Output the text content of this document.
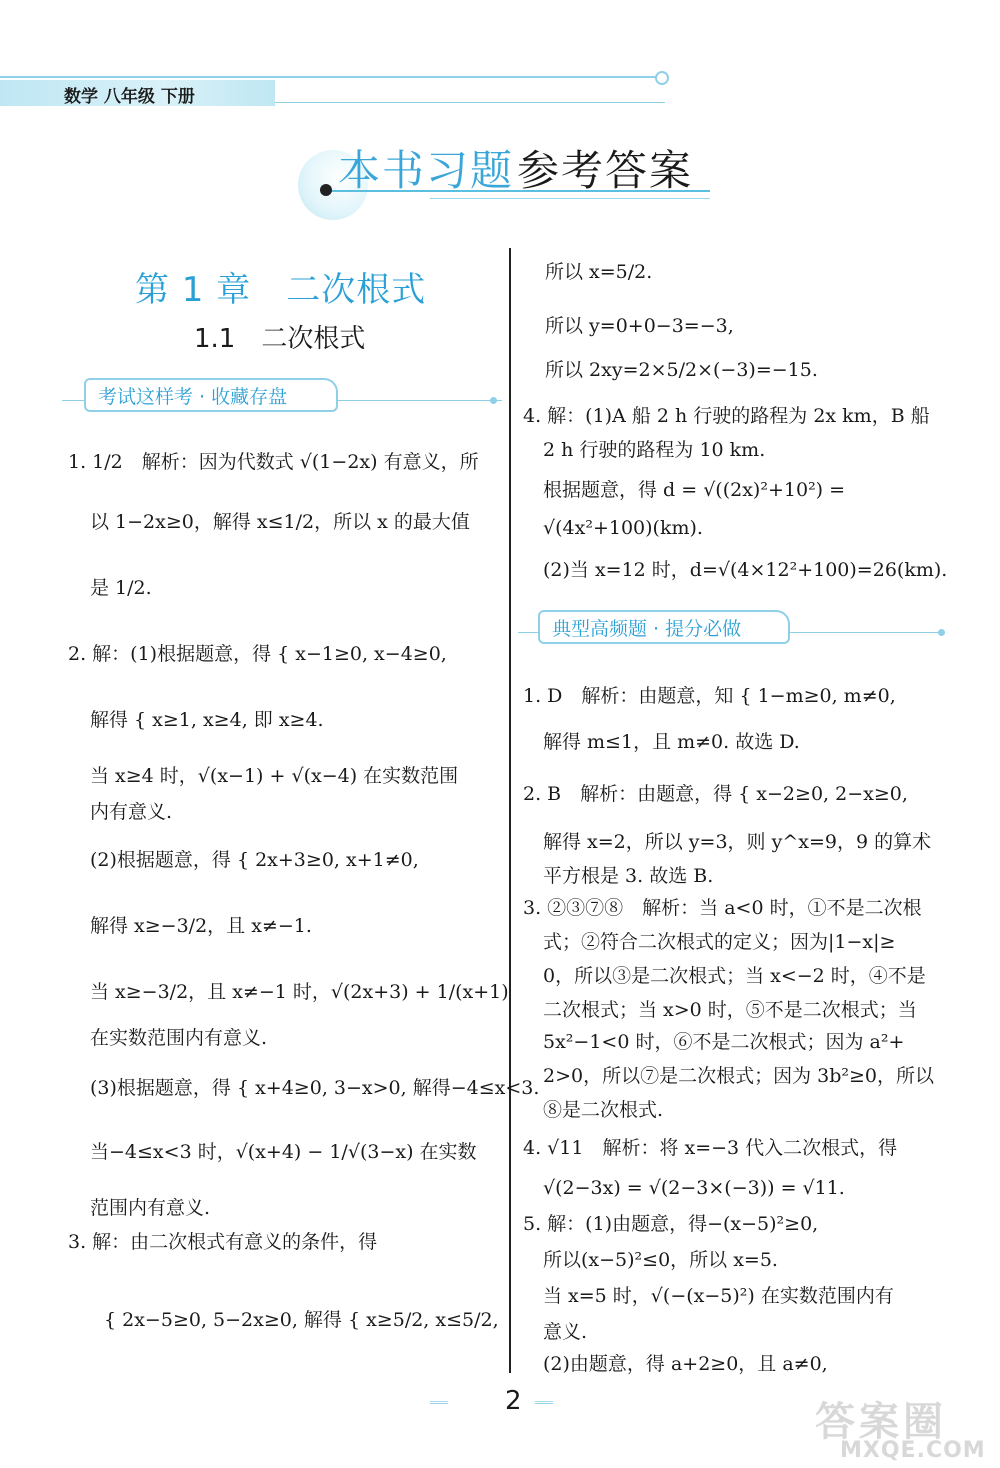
数学 八年级 下册
本书习题 参考答案
第 1 章　二次根式
1.1　二次根式
考试这样考 · 收藏存盘
1. 1/2　解析：因为代数式 √(1−2x) 有意义，所
以 1−2x≥0，解得 x≤1/2，所以 x 的最大值
是 1/2.
2. 解：(1)根据题意，得 { x−1≥0, x−4≥0,
解得 { x≥1, x≥4, 即 x≥4.
当 x≥4 时，√(x−1) + √(x−4) 在实数范围
内有意义.
(2)根据题意，得 { 2x+3≥0, x+1≠0,
解得 x≥−3/2，且 x≠−1.
当 x≥−3/2，且 x≠−1 时，√(2x+3) + 1/(x+1)
在实数范围内有意义.
(3)根据题意，得 { x+4≥0, 3−x>0, 解得−4≤x<3.
当−4≤x<3 时，√(x+4) − 1/√(3−x) 在实数
范围内有意义.
3. 解：由二次根式有意义的条件，得
{ 2x−5≥0, 5−2x≥0, 解得 { x≥5/2, x≤5/2,
所以 x=5/2.
所以 y=0+0−3=−3,
所以 2xy=2×5/2×(−3)=−15.
4. 解：(1)A 船 2 h 行驶的路程为 2x km，B 船
2 h 行驶的路程为 10 km.
根据题意，得 d = √((2x)²+10²) =
√(4x²+100)(km).
(2)当 x=12 时，d=√(4×12²+100)=26(km).
典型高频题 · 提分必做
1. D　解析：由题意，知 { 1−m≥0, m≠0,
解得 m≤1，且 m≠0. 故选 D.
2. B　解析：由题意，得 { x−2≥0, 2−x≥0,
解得 x=2，所以 y=3，则 y^x=9，9 的算术
平方根是 3. 故选 B.
3. ②③⑦⑧　解析：当 a<0 时，①不是二次根
式；②符合二次根式的定义；因为|1−x|≥
0，所以③是二次根式；当 x<−2 时，④不是
二次根式；当 x>0 时，⑤不是二次根式；当
5x²−1<0 时，⑥不是二次根式；因为 a²+
2>0，所以⑦是二次根式；因为 3b²≥0，所以
⑧是二次根式.
4. √11　解析：将 x=−3 代入二次根式，得
√(2−3x) = √(2−3×(−3)) = √11.
5. 解：(1)由题意，得−(x−5)²≥0,
所以(x−5)²≤0，所以 x=5.
当 x=5 时，√(−(x−5)²) 在实数范围内有
意义.
(2)由题意，得 a+2≥0，且 a≠0,
═══ 2 ═══	答案圈
MXQE.COM
